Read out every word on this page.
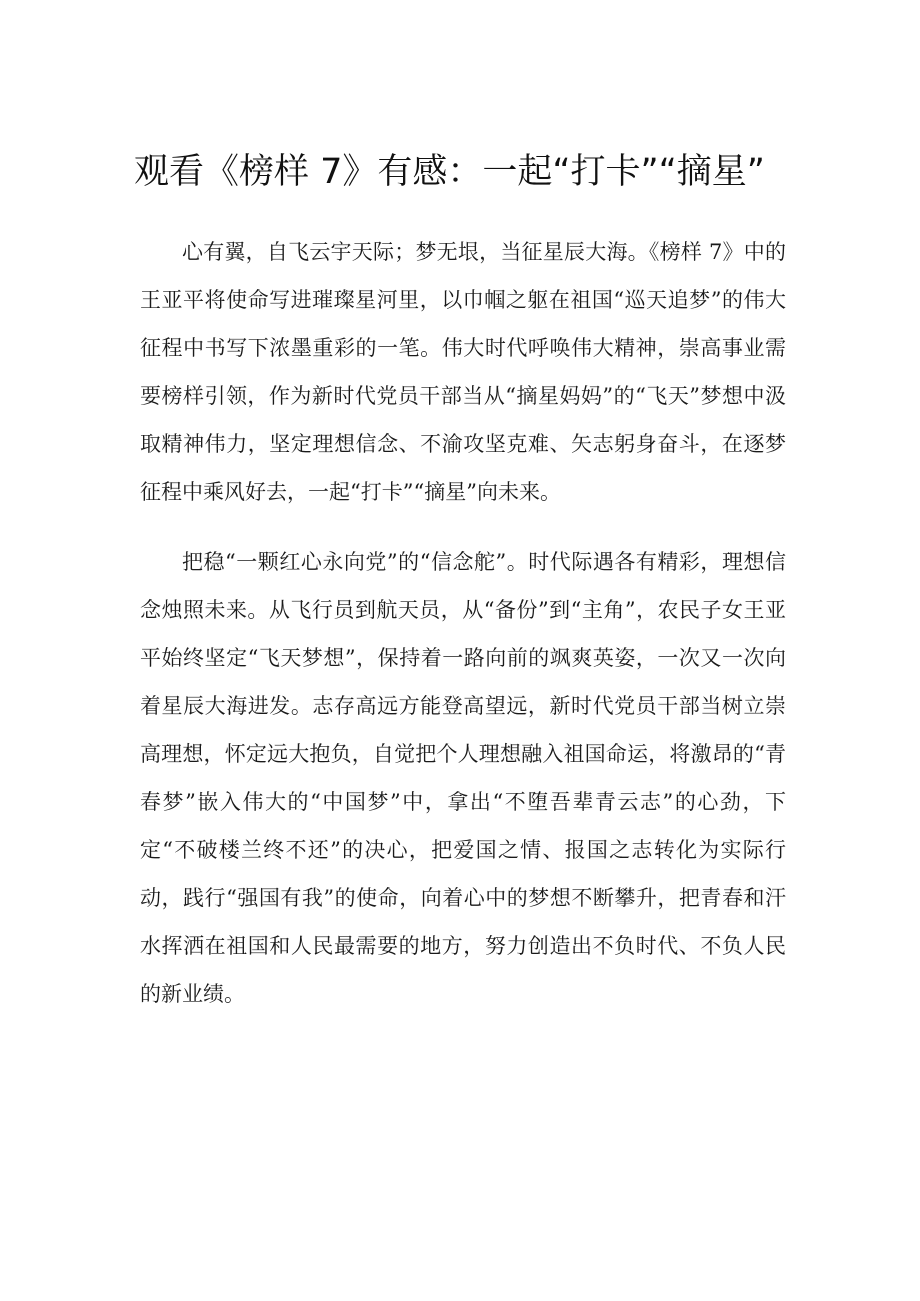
观看《榜样 7》有感：一起“打卡”“摘星”

心有翼，自飞云宇天际；梦无垠，当征星辰大海。《榜样 7》中的王亚平将使命写进璀璨星河里，以巾帼之躯在祖国“巡天追梦”的伟大征程中书写下浓墨重彩的一笔。伟大时代呼唤伟大精神，崇高事业需要榜样引领，作为新时代党员干部当从“摘星妈妈”的“飞天”梦想中汲取精神伟力，坚定理想信念、不渝攻坚克难、矢志躬身奋斗，在逐梦征程中乘风好去，一起“打卡”“摘星”向未来。

把稳“一颗红心永向党”的“信念舵”。时代际遇各有精彩，理想信念烛照未来。从飞行员到航天员，从“备份”到“主角”，农民子女王亚平始终坚定“飞天梦想”，保持着一路向前的飒爽英姿，一次又一次向着星辰大海进发。志存高远方能登高望远，新时代党员干部当树立崇高理想，怀定远大抱负，自觉把个人理想融入祖国命运，将激昂的“青春梦”嵌入伟大的“中国梦”中，拿出“不堕吾辈青云志”的心劲，下定“不破楼兰终不还”的决心，把爱国之情、报国之志转化为实际行动，践行“强国有我”的使命，向着心中的梦想不断攀升，把青春和汗水挥洒在祖国和人民最需要的地方，努力创造出不负时代、不负人民的新业绩。
